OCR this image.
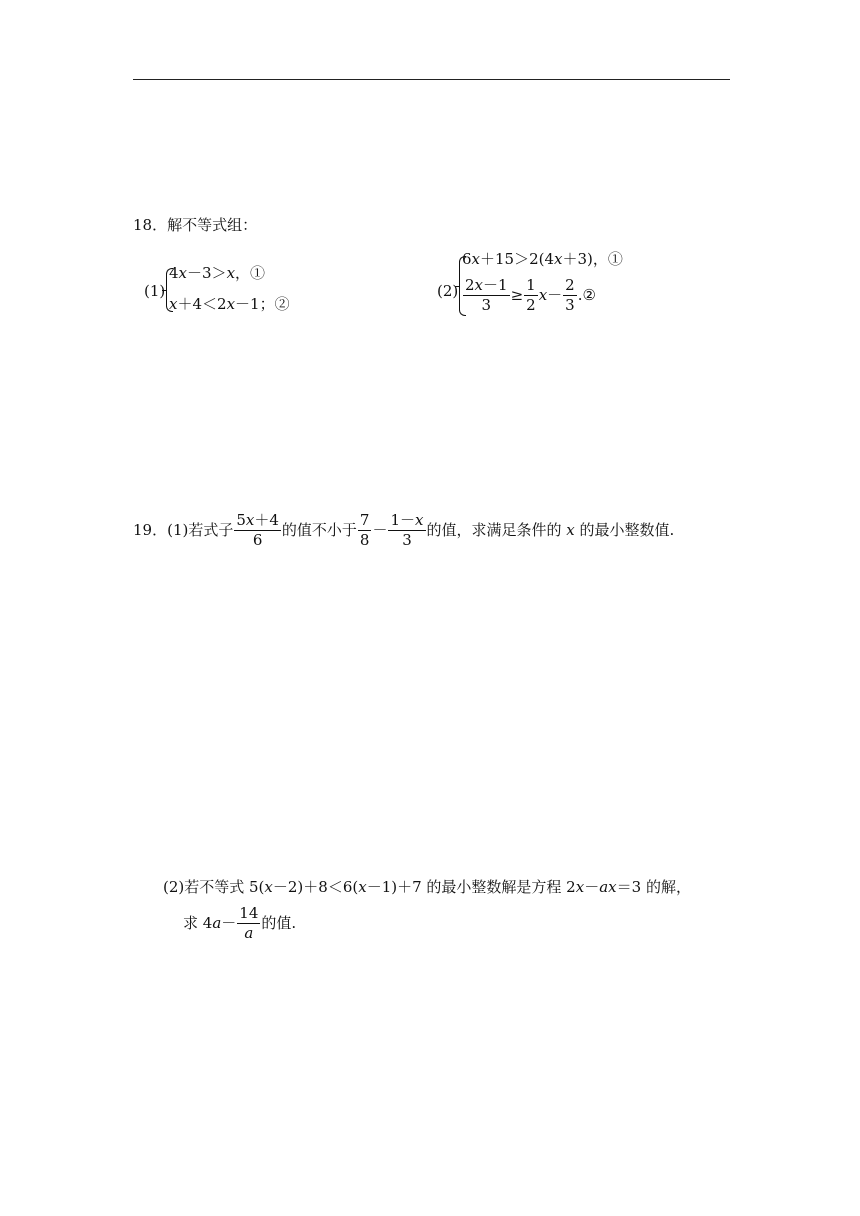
18．解不等式组：
(1)
4x－3＞x，①
x＋4＜2x－1；②
(2)
6x＋15＞2(4x＋3)，①
$\frac{2x-1}{3} \ge \frac{1}{2} x- \frac{2}{3}$ .②
19．(1)若式子 $\frac{5x+4}{6}$ 的值不小于 $\frac{7}{8} - \frac{1-x}{3}$ 的值，求满足条件的 x 的最小整数值.
(2)若不等式 5(x－2)＋8＜6(x－1)＋7 的最小整数解是方程 2x－ax＝3 的解，
求 $4a- \frac{14}{a}$ 的值.
